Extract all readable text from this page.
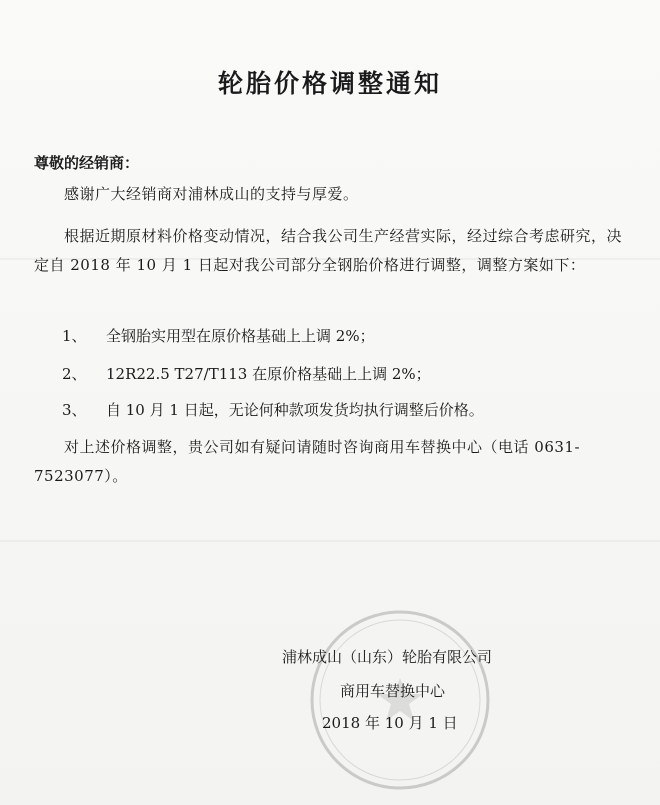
轮胎价格调整通知
尊敬的经销商：
感谢广大经销商对浦林成山的支持与厚爱。
根据近期原材料价格变动情况，结合我公司生产经营实际，经过综合考虑研究，决定自 2018 年 10 月 1 日起对我公司部分全钢胎价格进行调整，调整方案如下：
1、 全钢胎实用型在原价格基础上上调 2%；
2、 12R22.5 T27/T113 在原价格基础上上调 2%；
3、 自 10 月 1 日起，无论何种款项发货均执行调整后价格。
对上述价格调整，贵公司如有疑问请随时咨询商用车替换中心（电话 0631-7523077）。
浦林成山（山东）轮胎有限公司
商用车替换中心
2018 年 10 月 1 日
